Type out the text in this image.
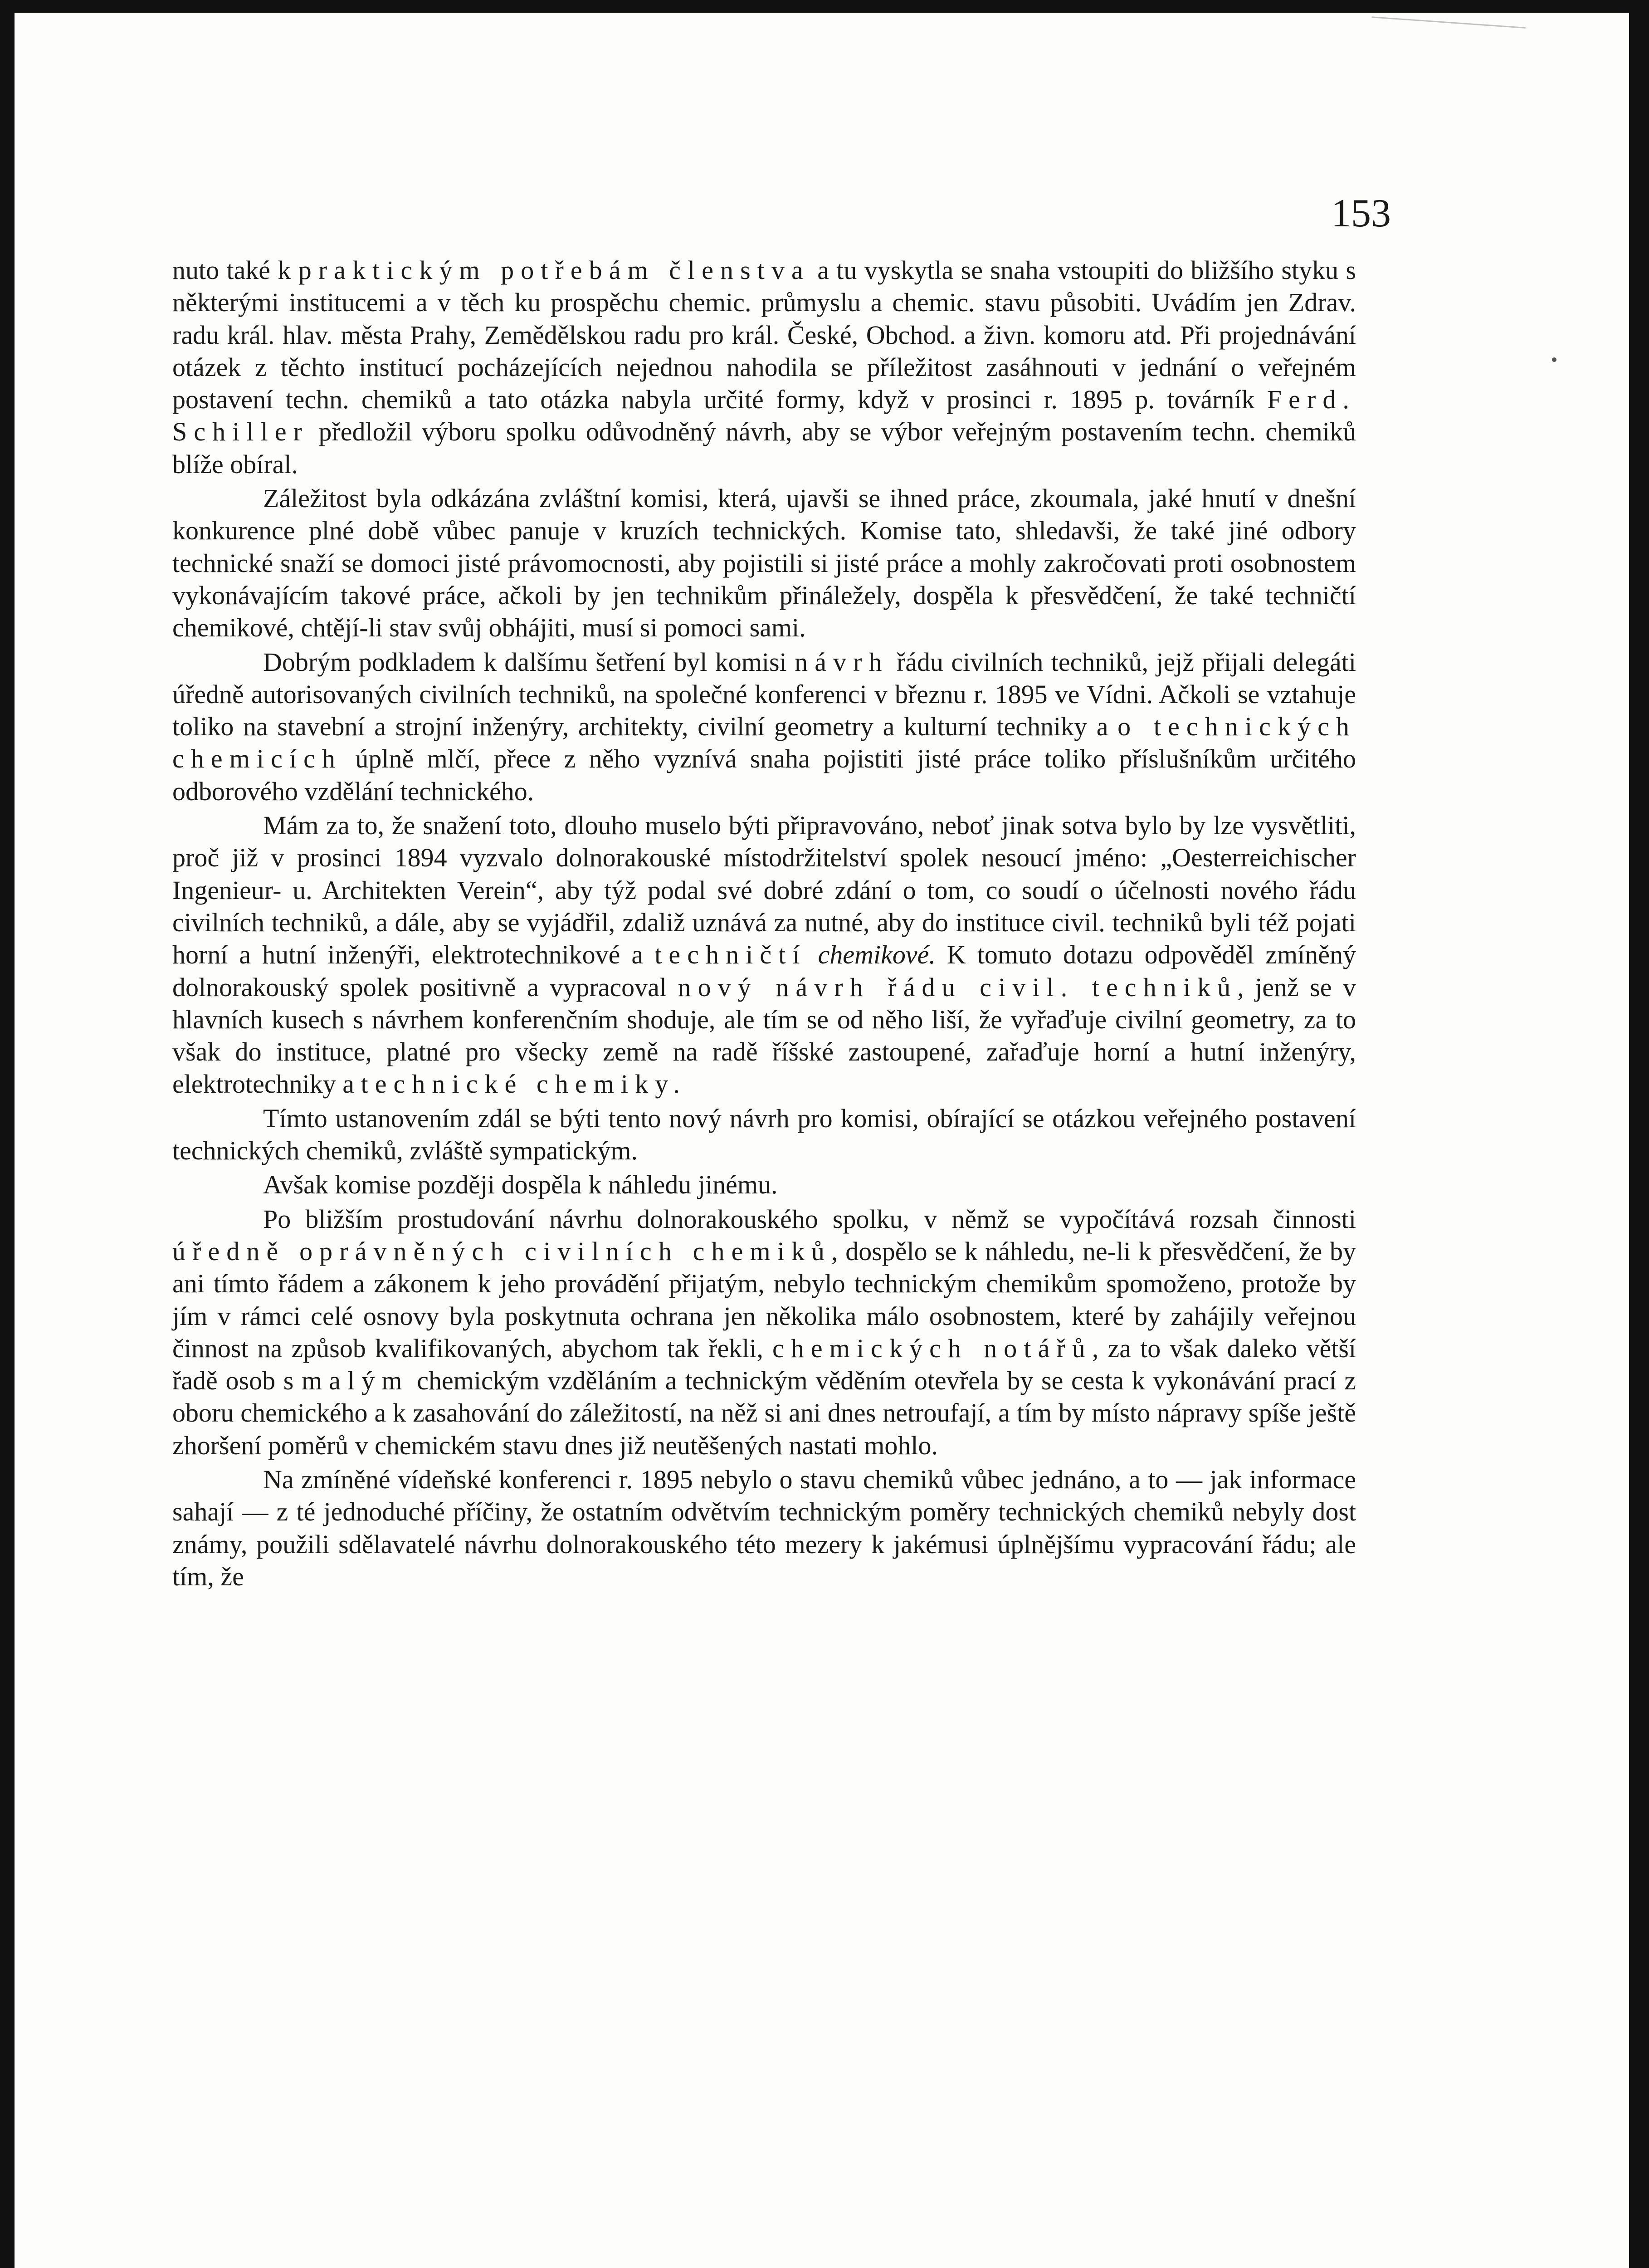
153

nuto také k praktickým potřebám členstva a tu vyskytla se snaha vstoupiti do bližšího styku s některými institucemi a v těch ku prospěchu chemic. průmyslu a chemic. stavu působiti. Uvádím jen Zdrav. radu král. hlav. města Prahy, Zemědělskou radu pro král. České, Obchod. a živn. komoru atd. Při projednávání otázek z těchto institucí pocházejících nejednou nahodila se příležitost zasáhnouti v jednání o veřejném postavení techn. chemiků a tato otázka nabyla určité formy, když v prosinci r. 1895 p. továrník Ferd. Schiller předložil výboru spolku odůvodněný návrh, aby se výbor veřejným postavením techn. chemiků blíže obíral.

Záležitost byla odkázána zvláštní komisi, která, ujavši se ihned práce, zkoumala, jaké hnutí v dnešní konkurence plné době vůbec panuje v kruzích technických. Komise tato, shledavši, že také jiné odbory technické snaží se domoci jisté právomocnosti, aby pojistili si jisté práce a mohly zakročovati proti osobnostem vykonávajícím takové práce, ačkoli by jen technikům přináležely, dospěla k přesvědčení, že také techničtí chemikové, chtějí-li stav svůj obhájiti, musí si pomoci sami.

Dobrým podkladem k dalšímu šetření byl komisi návrh řádu civilních techniků, jejž přijali delegáti úředně autorisovaných civilních techniků, na společné konferenci v březnu r. 1895 ve Vídni. Ačkoli se vztahuje toliko na stavební a strojní inženýry, architekty, civilní geometry a kulturní techniky a o technických chemicích úplně mlčí, přece z něho vyznívá snaha pojistiti jisté práce toliko příslušníkům určitého odborového vzdělání technického.

Mám za to, že snažení toto, dlouho muselo býti připravováno, neboť jinak sotva bylo by lze vysvětliti, proč již v prosinci 1894 vyzvalo dolnorakouské místodržitelství spolek nesoucí jméno: „Oesterreichischer Ingenieur- u. Architekten Verein“, aby týž podal své dobré zdání o tom, co soudí o účelnosti nového řádu civilních techniků, a dále, aby se vyjádřil, zdaliž uznává za nutné, aby do instituce civil. techniků byli též pojati horní a hutní inženýři, elektrotechnikové a techničtí chemikové. K tomuto dotazu odpověděl zmíněný dolnorakouský spolek positivně a vypracoval nový návrh řádu civil. techniků, jenž se v hlavních kusech s návrhem konferenčním shoduje, ale tím se od něho liší, že vyřaďuje civilní geometry, za to však do instituce, platné pro všecky země na radě říšské zastoupené, zařaďuje horní a hutní inženýry, elektrotechniky a technické chemiky.

Tímto ustanovením zdál se býti tento nový návrh pro komisi, obírající se otázkou veřejného postavení technických chemiků, zvláště sympatickým.

Avšak komise později dospěla k náhledu jinému.

Po bližším prostudování návrhu dolnorakouského spolku, v němž se vypočítává rozsah činnosti úředně oprávněných civilních chemiků, dospělo se k náhledu, ne-li k přesvědčení, že by ani tímto řádem a zákonem k jeho provádění přijatým, nebylo technickým chemikům spomoženo, protože by jím v rámci celé osnovy byla poskytnuta ochrana jen několika málo osobnostem, které by zahájily veřejnou činnost na způsob kvalifikovaných, abychom tak řekli, chemických notářů, za to však daleko větší řadě osob s malým chemickým vzděláním a technickým věděním otevřela by se cesta k vykonávání prací z oboru chemického a k zasahování do záležitostí, na něž si ani dnes netroufají, a tím by místo nápravy spíše ještě zhoršení poměrů v chemickém stavu dnes již neutěšených nastati mohlo.

Na zmíněné vídeňské konferenci r. 1895 nebylo o stavu chemiků vůbec jednáno, a to — jak informace sahají — z té jednoduché příčiny, že ostatním odvětvím technickým poměry technických chemiků nebyly dost známy, použili sdělavatelé návrhu dolnorakouského této mezery k jakémusi úplnějšímu vypracování řádu; ale tím, že
